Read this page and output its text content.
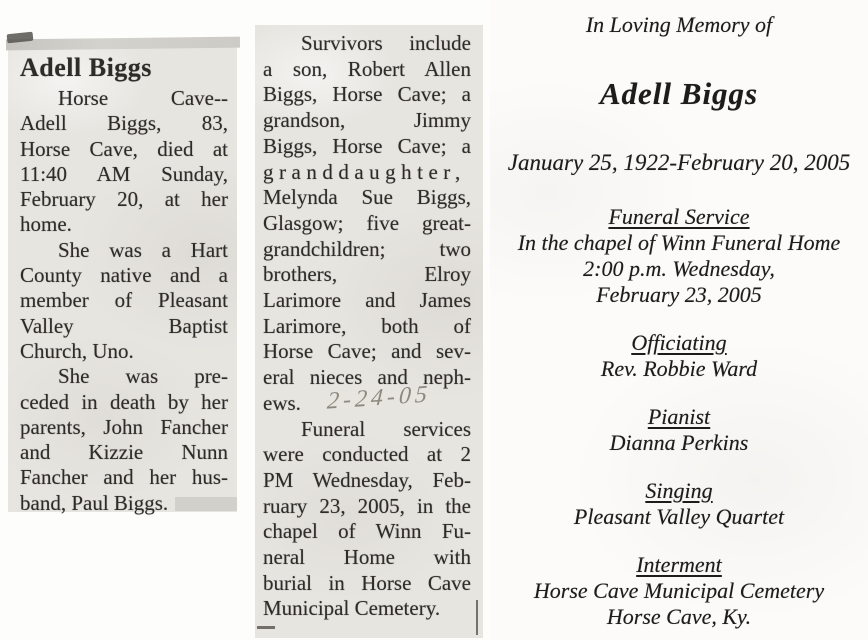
Adell Biggs
Horse Cave--
Adell Biggs, 83,
Horse Cave, died at
11:40 AM Sunday,
February 20, at her
home.
She was a Hart
County native and a
member of Pleasant
Valley Baptist
Church, Uno.
She was pre-
ceded in death by her
parents, John Fancher
and Kizzie Nunn
Fancher and her hus-
band, Paul Biggs.
Survivors include
a son, Robert Allen
Biggs, Horse Cave; a
grandson, Jimmy
Biggs, Horse Cave; a
granddaughter,
Melynda Sue Biggs,
Glasgow; five great-
grandchildren; two
brothers, Elroy
Larimore and James
Larimore, both of
Horse Cave; and sev-
eral nieces and neph-
ews.
Funeral services
were conducted at 2
PM Wednesday, Feb-
ruary 23, 2005, in the
chapel of Winn Fu-
neral Home with
burial in Horse Cave
Municipal Cemetery.
2-24-05
In Loving Memory of
Adell Biggs
January 25, 1922-February 20, 2005
Funeral Service
In the chapel of Winn Funeral Home
2:00 p.m. Wednesday,
February 23, 2005
Officiating
Rev. Robbie Ward
Pianist
Dianna Perkins
Singing
Pleasant Valley Quartet
Interment
Horse Cave Municipal Cemetery
Horse Cave, Ky.
